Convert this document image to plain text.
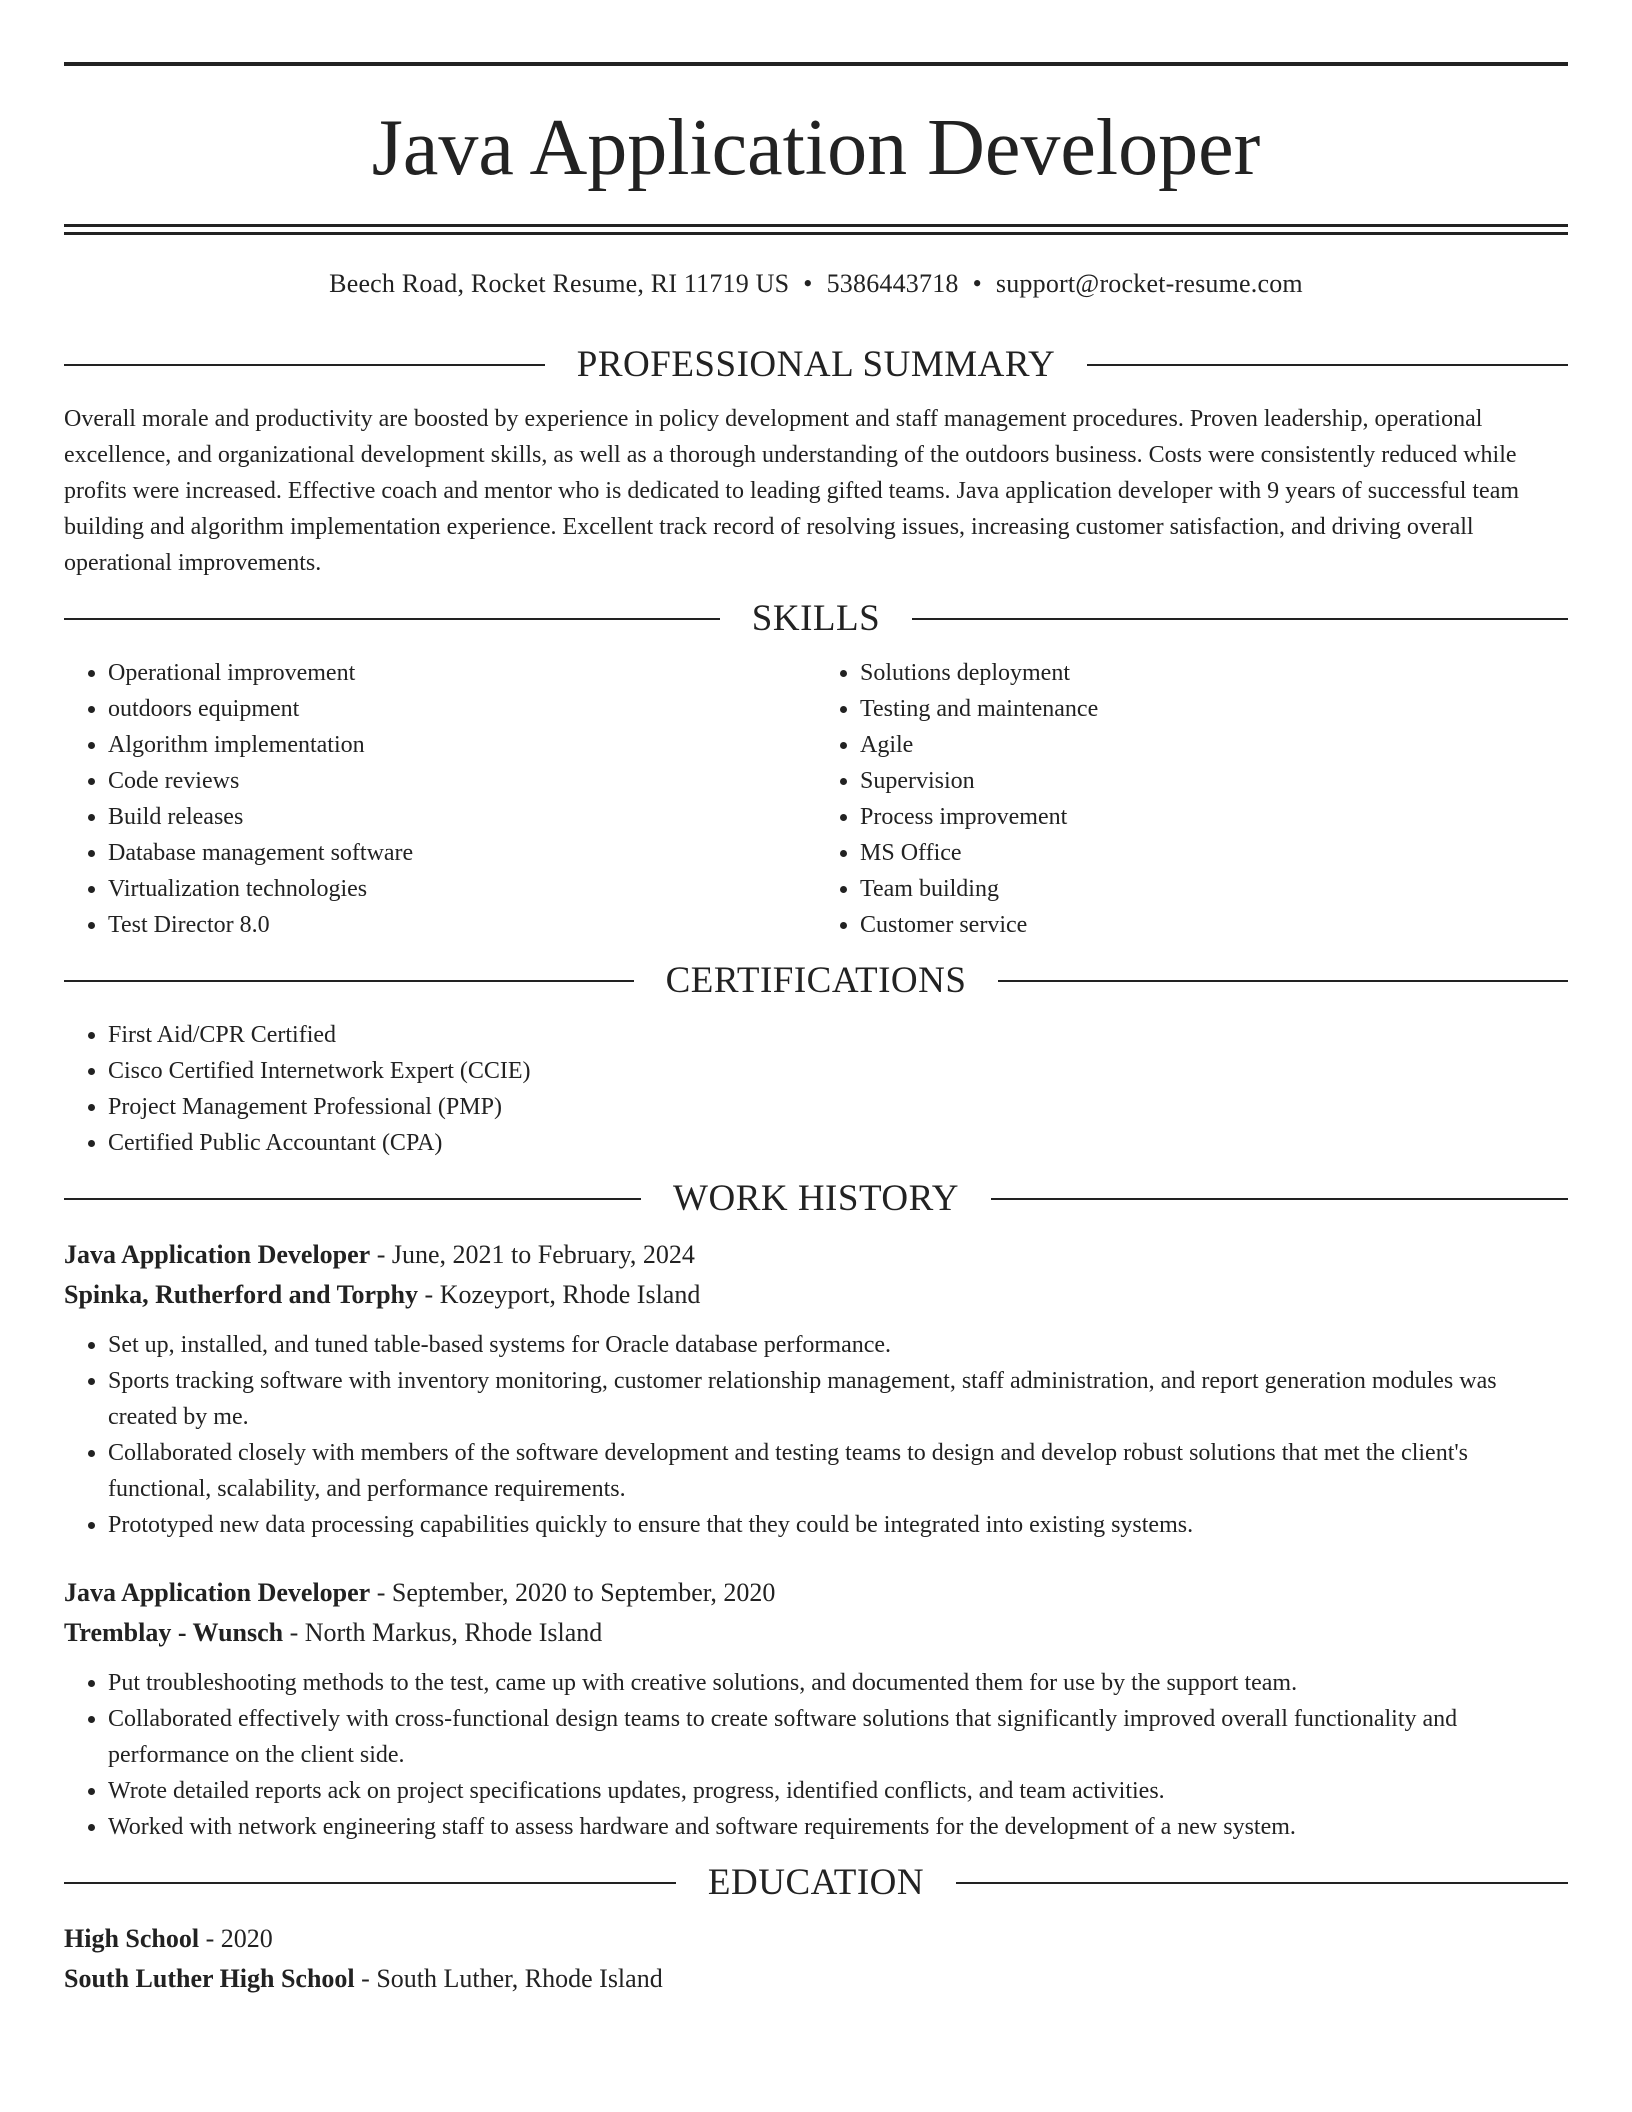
Java Application Developer
Beech Road, Rocket Resume, RI 11719 US • 5386443718 • support@rocket-resume.com
PROFESSIONAL SUMMARY

Overall morale and productivity are boosted by experience in policy development and staff management procedures. Proven leadership, operational excellence, and organizational development skills, as well as a thorough understanding of the outdoors business. Costs were consistently reduced while profits were increased. Effective coach and mentor who is dedicated to leading gifted teams. Java application developer with 9 years of successful team building and algorithm implementation experience. Excellent track record of resolving issues, increasing customer satisfaction, and driving overall operational improvements.

SKILLS
• Operational improvement
• outdoors equipment
• Algorithm implementation
• Code reviews
• Build releases
• Database management software
• Virtualization technologies
• Test Director 8.0
• Solutions deployment
• Testing and maintenance
• Agile
• Supervision
• Process improvement
• MS Office
• Team building
• Customer service
CERTIFICATIONS
• First Aid/CPR Certified
• Cisco Certified Internetwork Expert (CCIE)
• Project Management Professional (PMP)
• Certified Public Accountant (CPA)
WORK HISTORY
Java Application Developer - June, 2021 to February, 2024
Spinka, Rutherford and Torphy - Kozeyport, Rhode Island
• Set up, installed, and tuned table-based systems for Oracle database performance.
• Sports tracking software with inventory monitoring, customer relationship management, staff administration, and report generation modules was created by me.
• Collaborated closely with members of the software development and testing teams to design and develop robust solutions that met the client's functional, scalability, and performance requirements.
• Prototyped new data processing capabilities quickly to ensure that they could be integrated into existing systems.
Java Application Developer - September, 2020 to September, 2020
Tremblay - Wunsch - North Markus, Rhode Island
• Put troubleshooting methods to the test, came up with creative solutions, and documented them for use by the support team.
• Collaborated effectively with cross-functional design teams to create software solutions that significantly improved overall functionality and performance on the client side.
• Wrote detailed reports ack on project specifications updates, progress, identified conflicts, and team activities.
• Worked with network engineering staff to assess hardware and software requirements for the development of a new system.
EDUCATION
High School - 2020
South Luther High School - South Luther, Rhode Island
